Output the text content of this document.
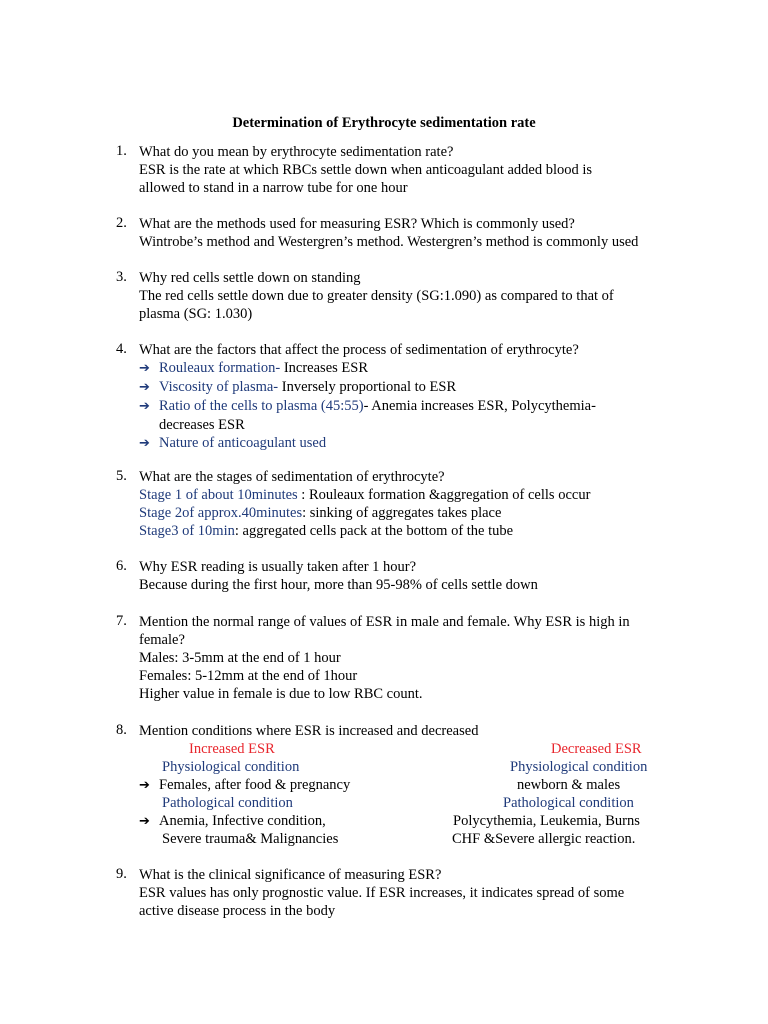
Determination of Erythrocyte sedimentation rate
1. What do you mean by erythrocyte sedimentation rate?
ESR is the rate at which RBCs settle down when anticoagulant added blood is
allowed to stand in a narrow tube for one hour
2. What are the methods used for measuring ESR? Which is commonly used?
Wintrobe’s method and Westergren’s method. Westergren’s method is commonly used
3. Why red cells settle down on standing
The red cells settle down due to greater density (SG:1.090) as compared to that of
plasma (SG: 1.030)
4. What are the factors that affect the process of sedimentation of erythrocyte?
➔ Rouleaux formation- Increases ESR
➔ Viscosity of plasma- Inversely proportional to ESR
➔ Ratio of the cells to plasma (45:55)- Anemia increases ESR, Polycythemia-
decreases ESR
➔ Nature of anticoagulant used
5. What are the stages of sedimentation of erythrocyte?
Stage 1 of about 10minutes : Rouleaux formation &aggregation of cells occur
Stage 2of approx.40minutes: sinking of aggregates takes place
Stage3 of 10min: aggregated cells pack at the bottom of the tube
6. Why ESR reading is usually taken after 1 hour?
Because during the first hour, more than 95-98% of cells settle down
7. Mention the normal range of values of ESR in male and female. Why ESR is high in
female?
Males: 3-5mm at the end of 1 hour
Females: 5-12mm at the end of 1hour
Higher value in female is due to low RBC count.
8. Mention conditions where ESR is increased and decreased
Increased ESR	Decreased ESR
Physiological condition	Physiological condition
➔ Females, after food & pregnancy	newborn & males
Pathological condition	Pathological condition
➔ Anemia, Infective condition,	Polycythemia, Leukemia, Burns
Severe trauma& Malignancies	CHF &Severe allergic reaction.
9. What is the clinical significance of measuring ESR?
ESR values has only prognostic value. If ESR increases, it indicates spread of some
active disease process in the body
